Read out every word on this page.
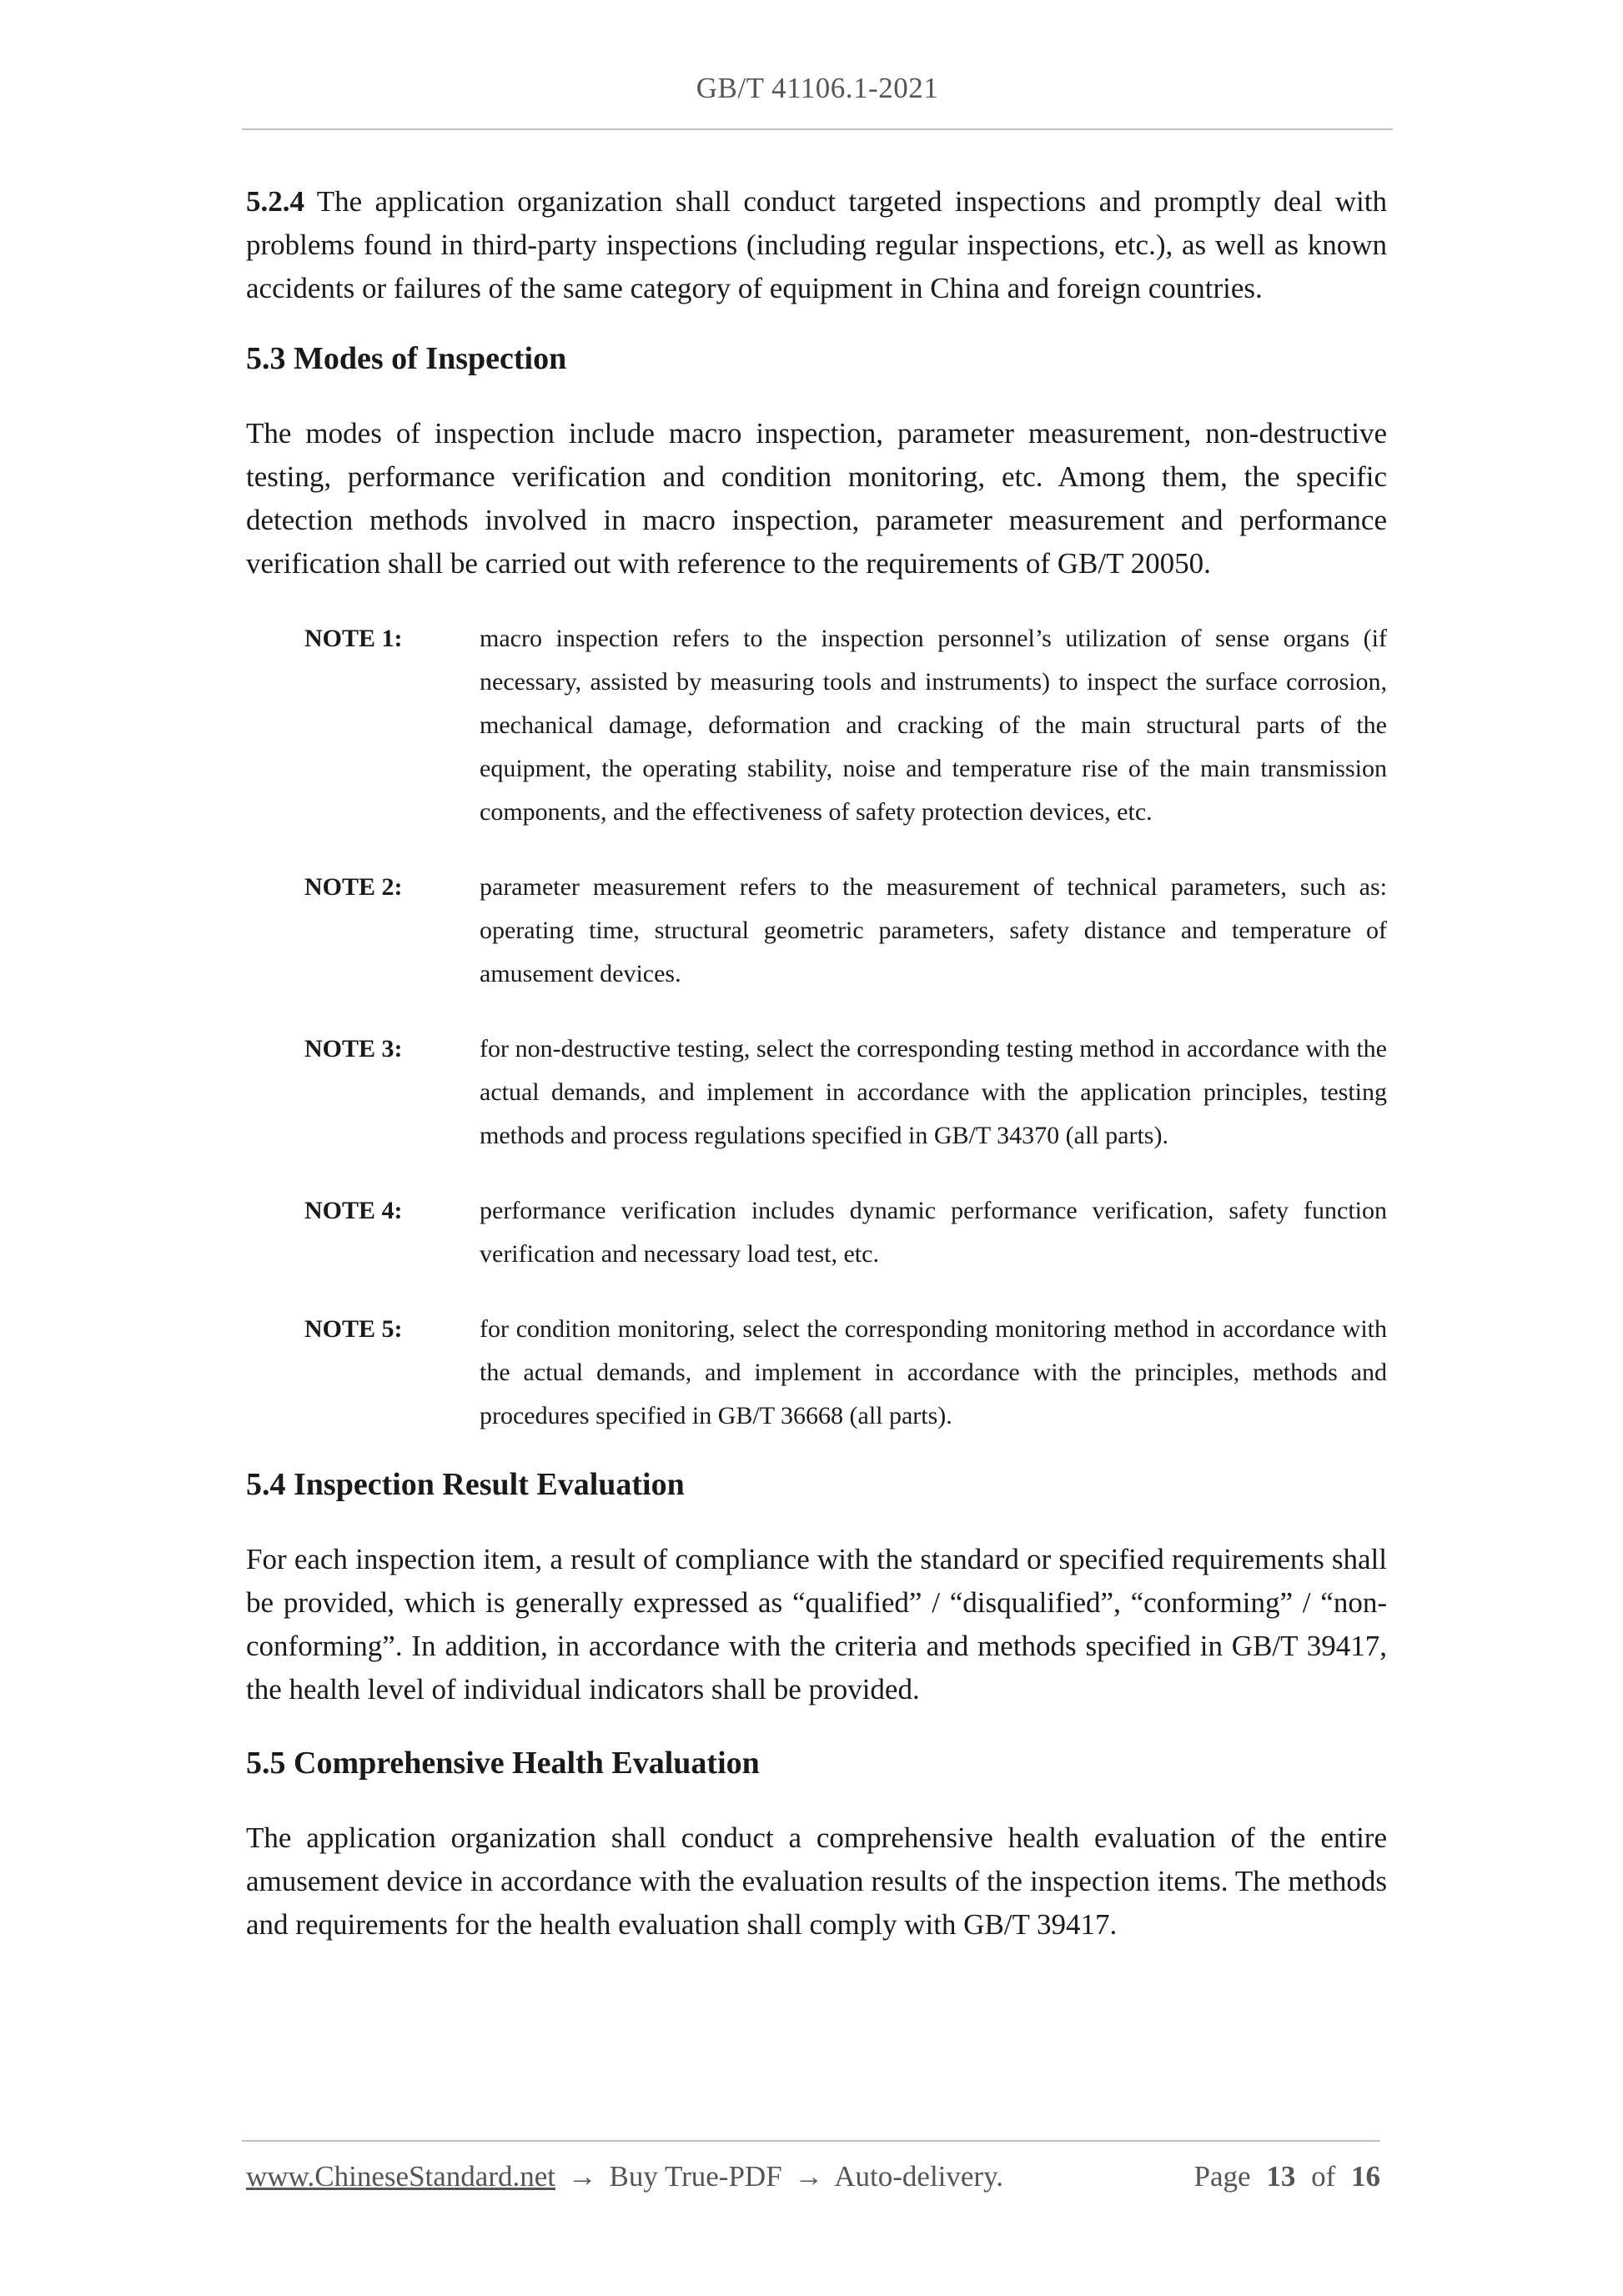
GB/T 41106.1-2021

5.2.4 The application organization shall conduct targeted inspections and promptly deal with problems found in third-party inspections (including regular inspections, etc.), as well as known accidents or failures of the same category of equipment in China and foreign countries.

5.3 Modes of Inspection

The modes of inspection include macro inspection, parameter measurement, non-destructive testing, performance verification and condition monitoring, etc. Among them, the specific detection methods involved in macro inspection, parameter measurement and performance verification shall be carried out with reference to the requirements of GB/T 20050.

NOTE 1:	macro inspection refers to the inspection personnel’s utilization of sense organs (if necessary, assisted by measuring tools and instruments) to inspect the surface corrosion, mechanical damage, deformation and cracking of the main structural parts of the equipment, the operating stability, noise and temperature rise of the main transmission components, and the effectiveness of safety protection devices, etc.
NOTE 2:	parameter measurement refers to the measurement of technical parameters, such as: operating time, structural geometric parameters, safety distance and temperature of amusement devices.
NOTE 3:	for non-destructive testing, select the corresponding testing method in accordance with the actual demands, and implement in accordance with the application principles, testing methods and process regulations specified in GB/T 34370 (all parts).
NOTE 4:	performance verification includes dynamic performance verification, safety function verification and necessary load test, etc.
NOTE 5:	for condition monitoring, select the corresponding monitoring method in accordance with the actual demands, and implement in accordance with the principles, methods and procedures specified in GB/T 36668 (all parts).
5.4 Inspection Result Evaluation

For each inspection item, a result of compliance with the standard or specified requirements shall be provided, which is generally expressed as “qualified” / “disqualified”, “conforming” / “non-conforming”. In addition, in accordance with the criteria and methods specified in GB/T 39417, the health level of individual indicators shall be provided.

5.5 Comprehensive Health Evaluation

The application organization shall conduct a comprehensive health evaluation of the entire amusement device in accordance with the evaluation results of the inspection items. The methods and requirements for the health evaluation shall comply with GB/T 39417.

www.ChineseStandard.net → Buy True-PDF → Auto-delivery.	Page 13 of 16
